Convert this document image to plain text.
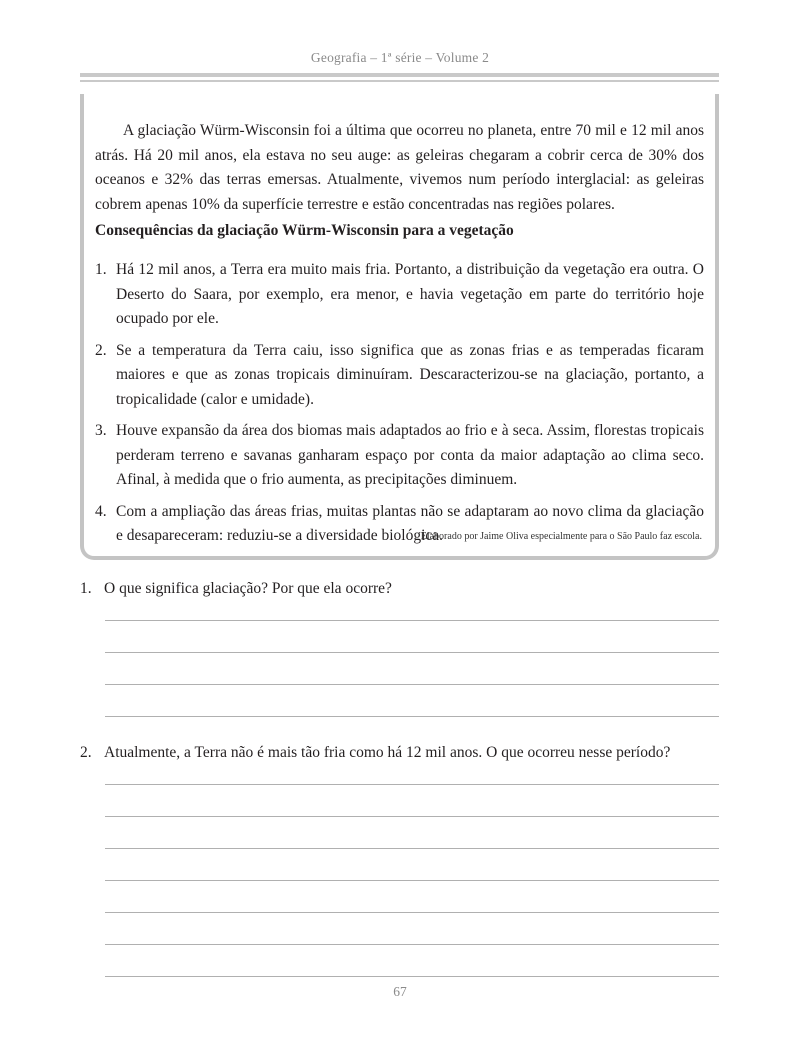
Geografia – 1ª série – Volume 2

A glaciação Würm-Wisconsin foi a última que ocorreu no planeta, entre 70 mil e 12 mil anos atrás. Há 20 mil anos, ela estava no seu auge: as geleiras chegaram a cobrir cerca de 30% dos oceanos e 32% das terras emersas. Atualmente, vivemos num período interglacial: as geleiras cobrem apenas 10% da superfície terrestre e estão concentradas nas regiões polares.

Consequências da glaciação Würm-Wisconsin para a vegetação

1. Há 12 mil anos, a Terra era muito mais fria. Portanto, a distribuição da vegetação era outra. O Deserto do Saara, por exemplo, era menor, e havia vegetação em parte do território hoje ocupado por ele.
2. Se a temperatura da Terra caiu, isso significa que as zonas frias e as temperadas ficaram maiores e que as zonas tropicais diminuíram. Descaracterizou-se na glaciação, portanto, a tropicalidade (calor e umidade).
3. Houve expansão da área dos biomas mais adaptados ao frio e à seca. Assim, florestas tropicais perderam terreno e savanas ganharam espaço por conta da maior adaptação ao clima seco. Afinal, à medida que o frio aumenta, as precipitações diminuem.
4. Com a ampliação das áreas frias, muitas plantas não se adaptaram ao novo clima da glaciação e desapareceram: reduziu-se a diversidade biológica.
Elaborado por Jaime Oliva especialmente para o São Paulo faz escola.

1. O que significa glaciação? Por que ela ocorre?

2. Atualmente, a Terra não é mais tão fria como há 12 mil anos. O que ocorreu nesse período?

67
